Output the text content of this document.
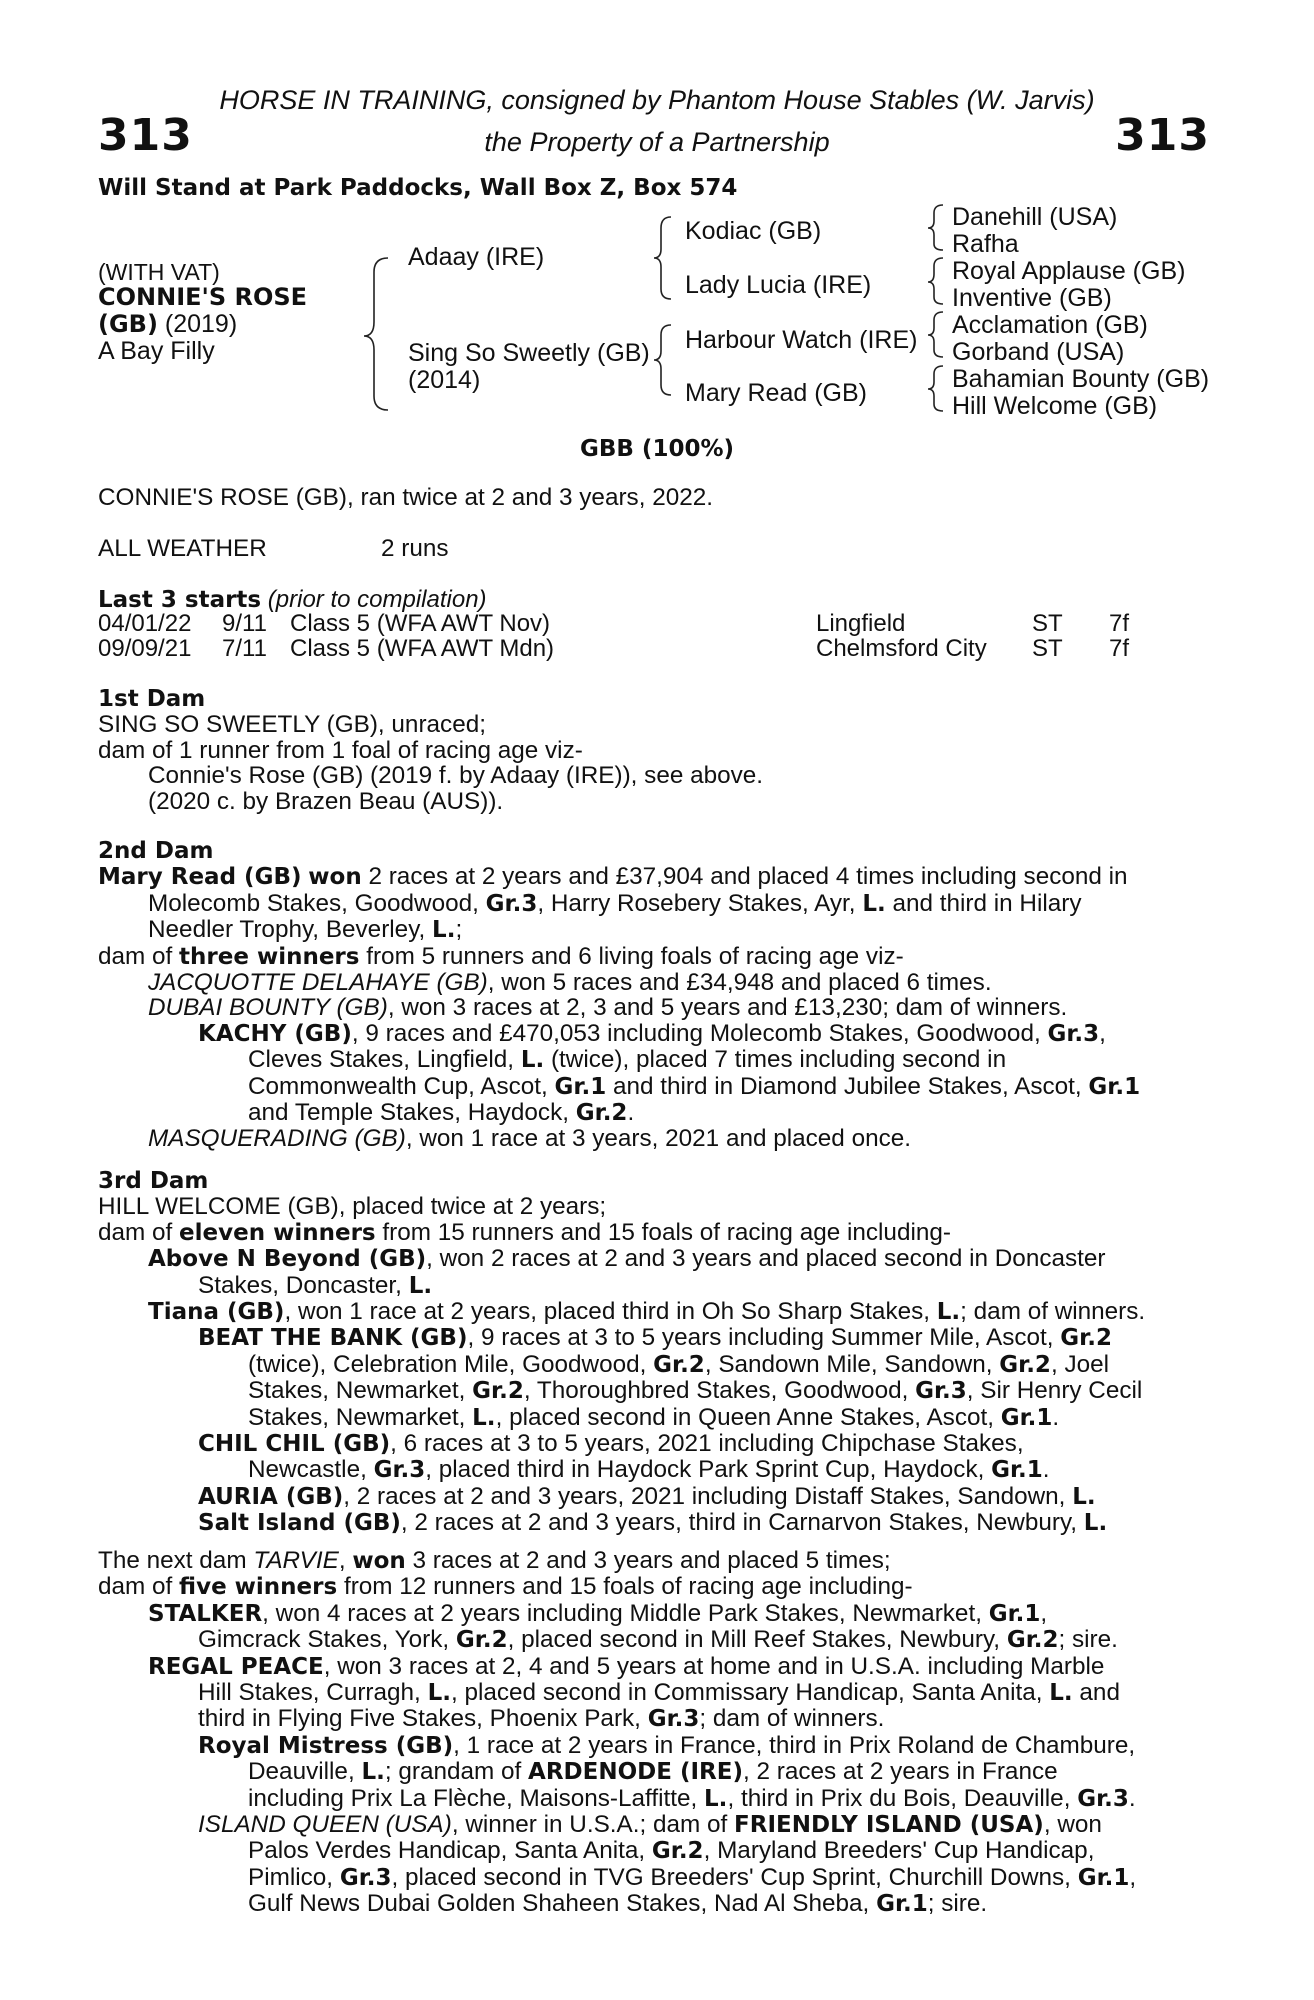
HORSE IN TRAINING, consigned by Phantom House Stables (W. Jarvis)
313	the Property of a Partnership	313
Will Stand at Park Paddocks, Wall Box Z, Box 574
(WITH VAT)
CONNIE'S ROSE
(GB) (2019)
A Bay Filly
Adaay (IRE)
Sing So Sweetly (GB)
(2014)
Kodiac (GB)
Lady Lucia (IRE)
Harbour Watch (IRE)
Mary Read (GB)
Danehill (USA)
Rafha
Royal Applause (GB)
Inventive (GB)
Acclamation (GB)
Gorband (USA)
Bahamian Bounty (GB)
Hill Welcome (GB)
GBB (100%)
CONNIE'S ROSE (GB), ran twice at 2 and 3 years, 2022.
ALL WEATHER	2 runs
Last 3 starts (prior to compilation)
04/01/22 9/11 Class 5 (WFA AWT Nov)	Lingfield	ST 7f
09/09/21 7/11 Class 5 (WFA AWT Mdn)	Chelmsford City ST 7f
1st Dam
SING SO SWEETLY (GB), unraced;
dam of 1 runner from 1 foal of racing age viz-
Connie's Rose (GB) (2019 f. by Adaay (IRE)), see above.
(2020 c. by Brazen Beau (AUS)).
2nd Dam
Mary Read (GB) won 2 races at 2 years and £37,904 and placed 4 times including second in
Molecomb Stakes, Goodwood, Gr.3, Harry Rosebery Stakes, Ayr, L. and third in Hilary
Needler Trophy, Beverley, L.;
dam of three winners from 5 runners and 6 living foals of racing age viz-
JACQUOTTE DELAHAYE (GB), won 5 races and £34,948 and placed 6 times.
DUBAI BOUNTY (GB), won 3 races at 2, 3 and 5 years and £13,230; dam of winners.
KACHY (GB), 9 races and £470,053 including Molecomb Stakes, Goodwood, Gr.3,
Cleves Stakes, Lingfield, L. (twice), placed 7 times including second in
Commonwealth Cup, Ascot, Gr.1 and third in Diamond Jubilee Stakes, Ascot, Gr.1
and Temple Stakes, Haydock, Gr.2.
MASQUERADING (GB), won 1 race at 3 years, 2021 and placed once.
3rd Dam
HILL WELCOME (GB), placed twice at 2 years;
dam of eleven winners from 15 runners and 15 foals of racing age including-
Above N Beyond (GB), won 2 races at 2 and 3 years and placed second in Doncaster
Stakes, Doncaster, L.
Tiana (GB), won 1 race at 2 years, placed third in Oh So Sharp Stakes, L.; dam of winners.
BEAT THE BANK (GB), 9 races at 3 to 5 years including Summer Mile, Ascot, Gr.2
(twice), Celebration Mile, Goodwood, Gr.2, Sandown Mile, Sandown, Gr.2, Joel
Stakes, Newmarket, Gr.2, Thoroughbred Stakes, Goodwood, Gr.3, Sir Henry Cecil
Stakes, Newmarket, L., placed second in Queen Anne Stakes, Ascot, Gr.1.
CHIL CHIL (GB), 6 races at 3 to 5 years, 2021 including Chipchase Stakes,
Newcastle, Gr.3, placed third in Haydock Park Sprint Cup, Haydock, Gr.1.
AURIA (GB), 2 races at 2 and 3 years, 2021 including Distaff Stakes, Sandown, L.
Salt Island (GB), 2 races at 2 and 3 years, third in Carnarvon Stakes, Newbury, L.
The next dam TARVIE, won 3 races at 2 and 3 years and placed 5 times;
dam of five winners from 12 runners and 15 foals of racing age including-
STALKER, won 4 races at 2 years including Middle Park Stakes, Newmarket, Gr.1,
Gimcrack Stakes, York, Gr.2, placed second in Mill Reef Stakes, Newbury, Gr.2; sire.
REGAL PEACE, won 3 races at 2, 4 and 5 years at home and in U.S.A. including Marble
Hill Stakes, Curragh, L., placed second in Commissary Handicap, Santa Anita, L. and
third in Flying Five Stakes, Phoenix Park, Gr.3; dam of winners.
Royal Mistress (GB), 1 race at 2 years in France, third in Prix Roland de Chambure,
Deauville, L.; grandam of ARDENODE (IRE), 2 races at 2 years in France
including Prix La Flèche, Maisons-Laffitte, L., third in Prix du Bois, Deauville, Gr.3.
ISLAND QUEEN (USA), winner in U.S.A.; dam of FRIENDLY ISLAND (USA), won
Palos Verdes Handicap, Santa Anita, Gr.2, Maryland Breeders' Cup Handicap,
Pimlico, Gr.3, placed second in TVG Breeders' Cup Sprint, Churchill Downs, Gr.1,
Gulf News Dubai Golden Shaheen Stakes, Nad Al Sheba, Gr.1; sire.
